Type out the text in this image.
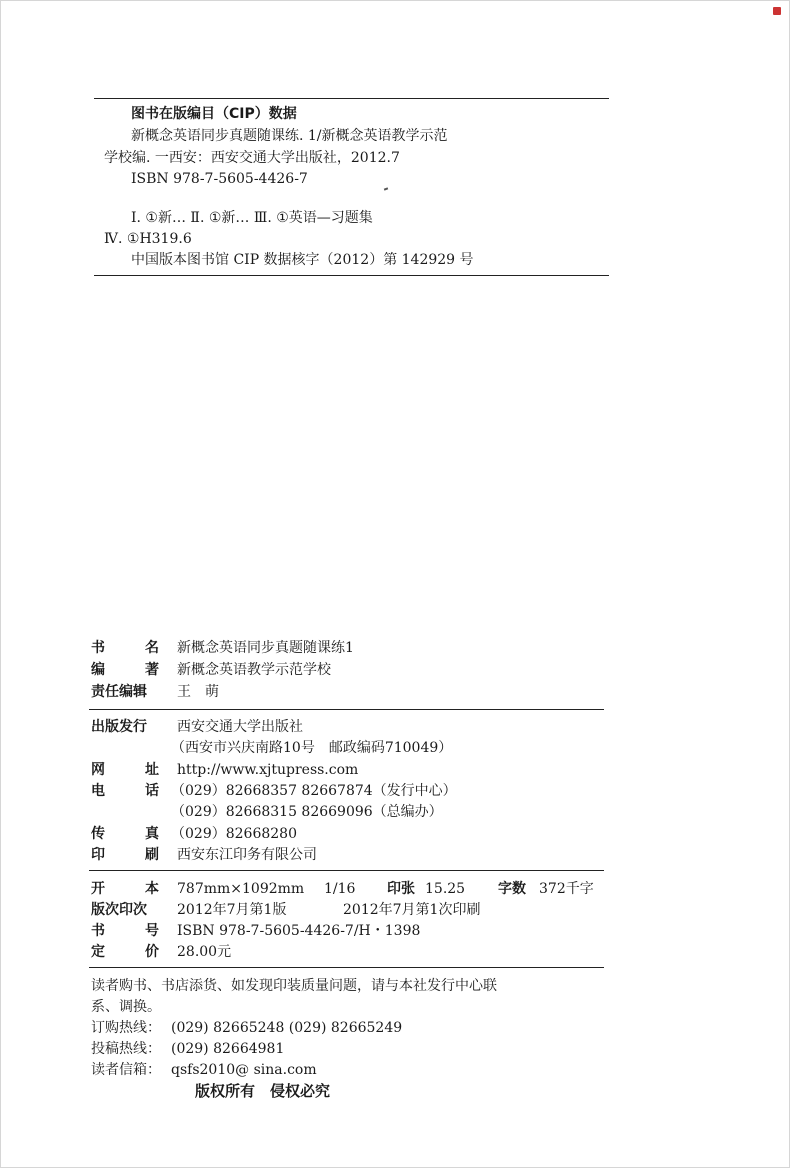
图书在版编目（CIP）数据
新概念英语同步真题随课练. 1/新概念英语教学示范
学校编. 一西安：西安交通大学出版社，2012.7
ISBN 978-7-5605-4426-7
Ⅰ. ①新… Ⅱ. ①新… Ⅲ. ①英语—习题集
Ⅳ. ①H319.6
中国版本图书馆 CIP 数据核字（2012）第 142929 号
书	名 新概念英语同步真题随课练1
编	著 新概念英语教学示范学校
责任编辑 王　萌
出版发行 西安交通大学出版社
（西安市兴庆南路10号　邮政编码710049）
网	址 http://www.xjtupress.com
电	话 （029）82668357 82667874（发行中心）
（029）82668315 82669096（总编办）
传	真 （029）82668280
印	刷 西安东江印务有限公司
开	本 787mm×1092mm 1/16 印张 15.25 字数 372千字
版次印次 2012年7月第1版	2012年7月第1次印刷
书	号 ISBN 978-7-5605-4426-7/H・1398
定	价 28.00元
读者购书、书店添货、如发现印装质量问题，请与本社发行中心联
系、调换。
订购热线： (029) 82665248 (029) 82665249
投稿热线： (029) 82664981
读者信箱： qsfs2010@ sina.com
版权所有　侵权必究
